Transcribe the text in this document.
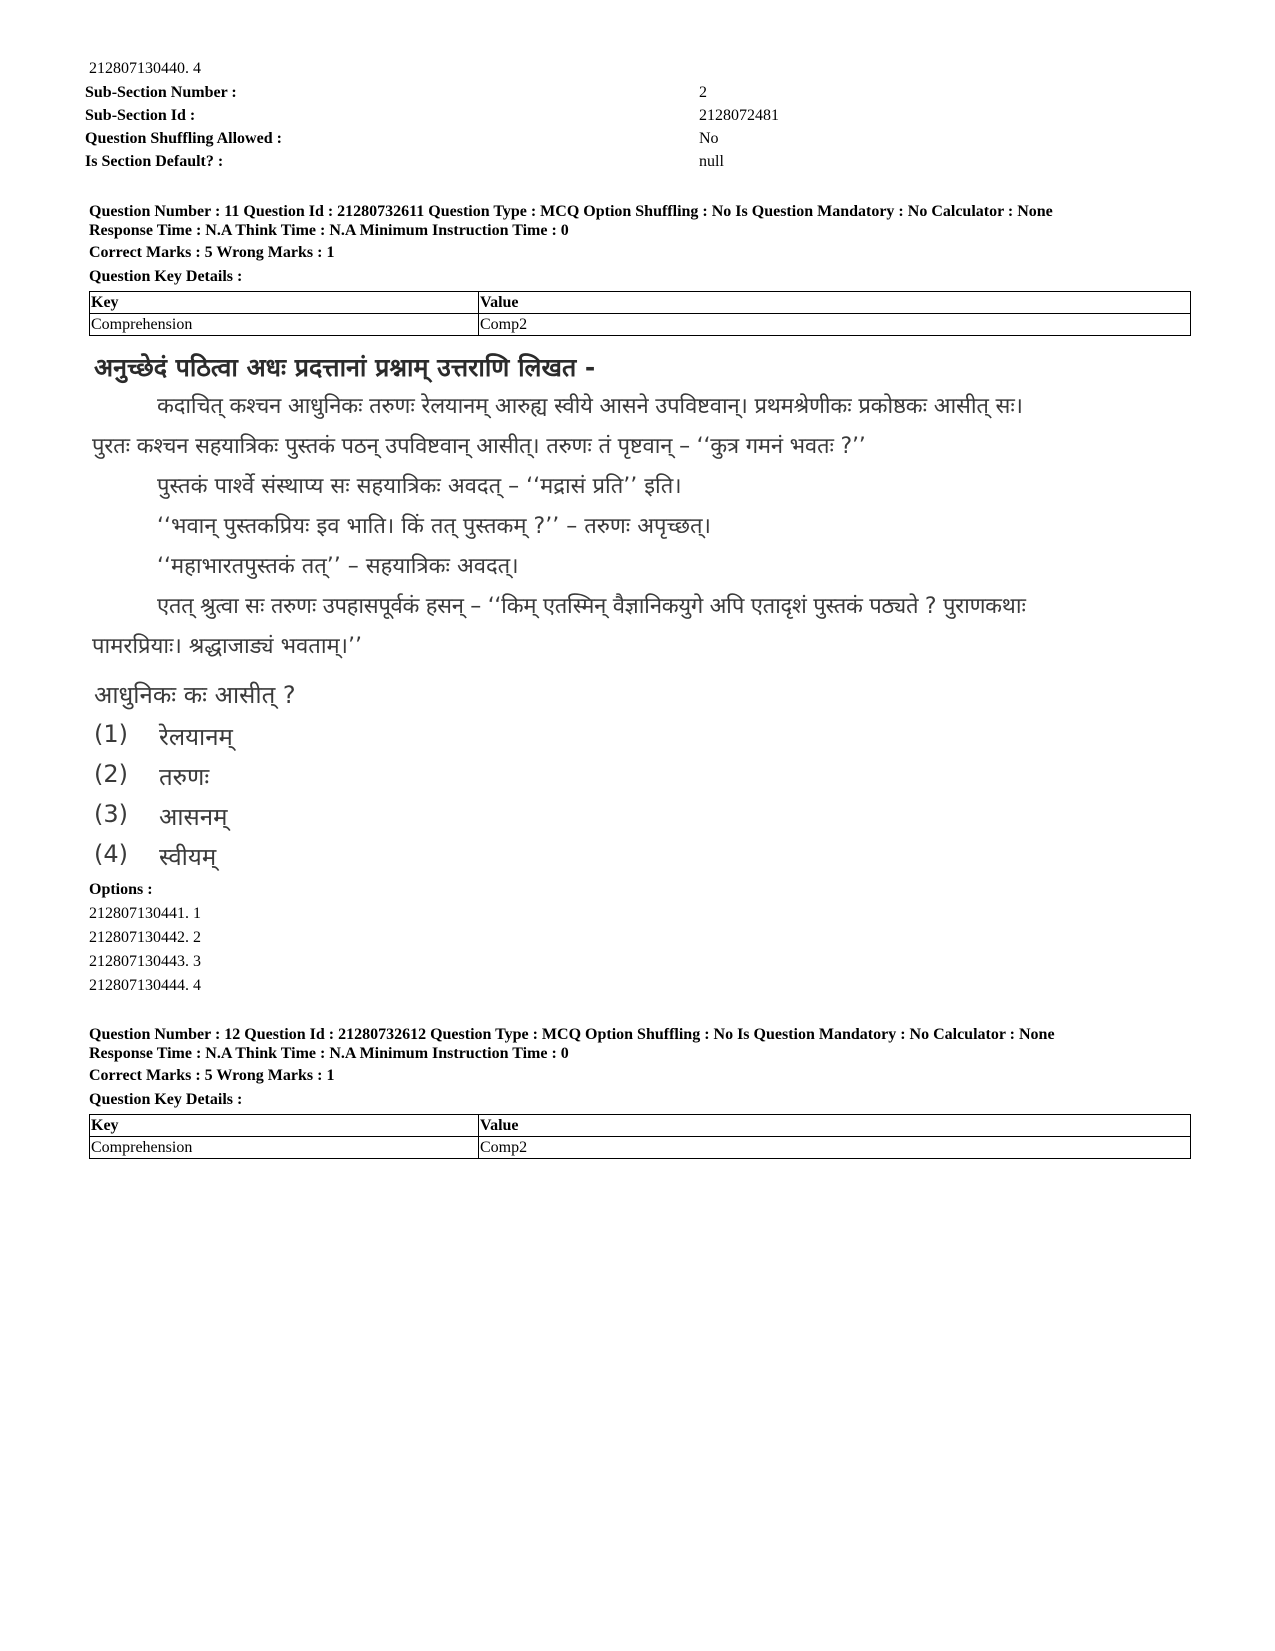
212807130440. 4
Sub-Section Number :	2
Sub-Section Id :	2128072481
Question Shuffling Allowed :	No
Is Section Default? :	null
Question Number : 11 Question Id : 21280732611 Question Type : MCQ Option Shuffling : No Is Question Mandatory : No Calculator : None
Response Time : N.A Think Time : N.A Minimum Instruction Time : 0
Correct Marks : 5 Wrong Marks : 1
Question Key Details :
Key	Value
Comprehension	Comp2
अनुच्छेदं पठित्वा अधः प्रदत्तानां प्रश्नाम् उत्तराणि लिखत -
कदाचित् कश्चन आधुनिकः तरुणः रेलयानम् आरुह्य स्वीये आसने उपविष्टवान्। प्रथमश्रेणीकः प्रकोष्ठकः आसीत् सः।
पुरतः कश्चन सहयात्रिकः पुस्तकं पठन् उपविष्टवान् आसीत्। तरुणः तं पृष्टवान् – ‘‘कुत्र गमनं भवतः ?’’
पुस्तकं पार्श्वे संस्थाप्य सः सहयात्रिकः अवदत् – ‘‘मद्रासं प्रति’’ इति।
‘‘भवान् पुस्तकप्रियः इव भाति। किं तत् पुस्तकम् ?’’ – तरुणः अपृच्छत्।
‘‘महाभारतपुस्तकं तत्’’ – सहयात्रिकः अवदत्।
एतत् श्रुत्वा सः तरुणः उपहासपूर्वकं हसन् – ‘‘किम् एतस्मिन् वैज्ञानिकयुगे अपि एतादृशं पुस्तकं पठ्यते ? पुराणकथाः
पामरप्रियाः। श्रद्धाजाड्यं भवताम्।’’
आधुनिकः कः आसीत् ?
(1) रेलयानम्
(2) तरुणः
(3) आसनम्
(4) स्वीयम्
Options :
212807130441. 1
212807130442. 2
212807130443. 3
212807130444. 4
Question Number : 12 Question Id : 21280732612 Question Type : MCQ Option Shuffling : No Is Question Mandatory : No Calculator : None
Response Time : N.A Think Time : N.A Minimum Instruction Time : 0
Correct Marks : 5 Wrong Marks : 1
Question Key Details :
Key	Value
Comprehension	Comp2
